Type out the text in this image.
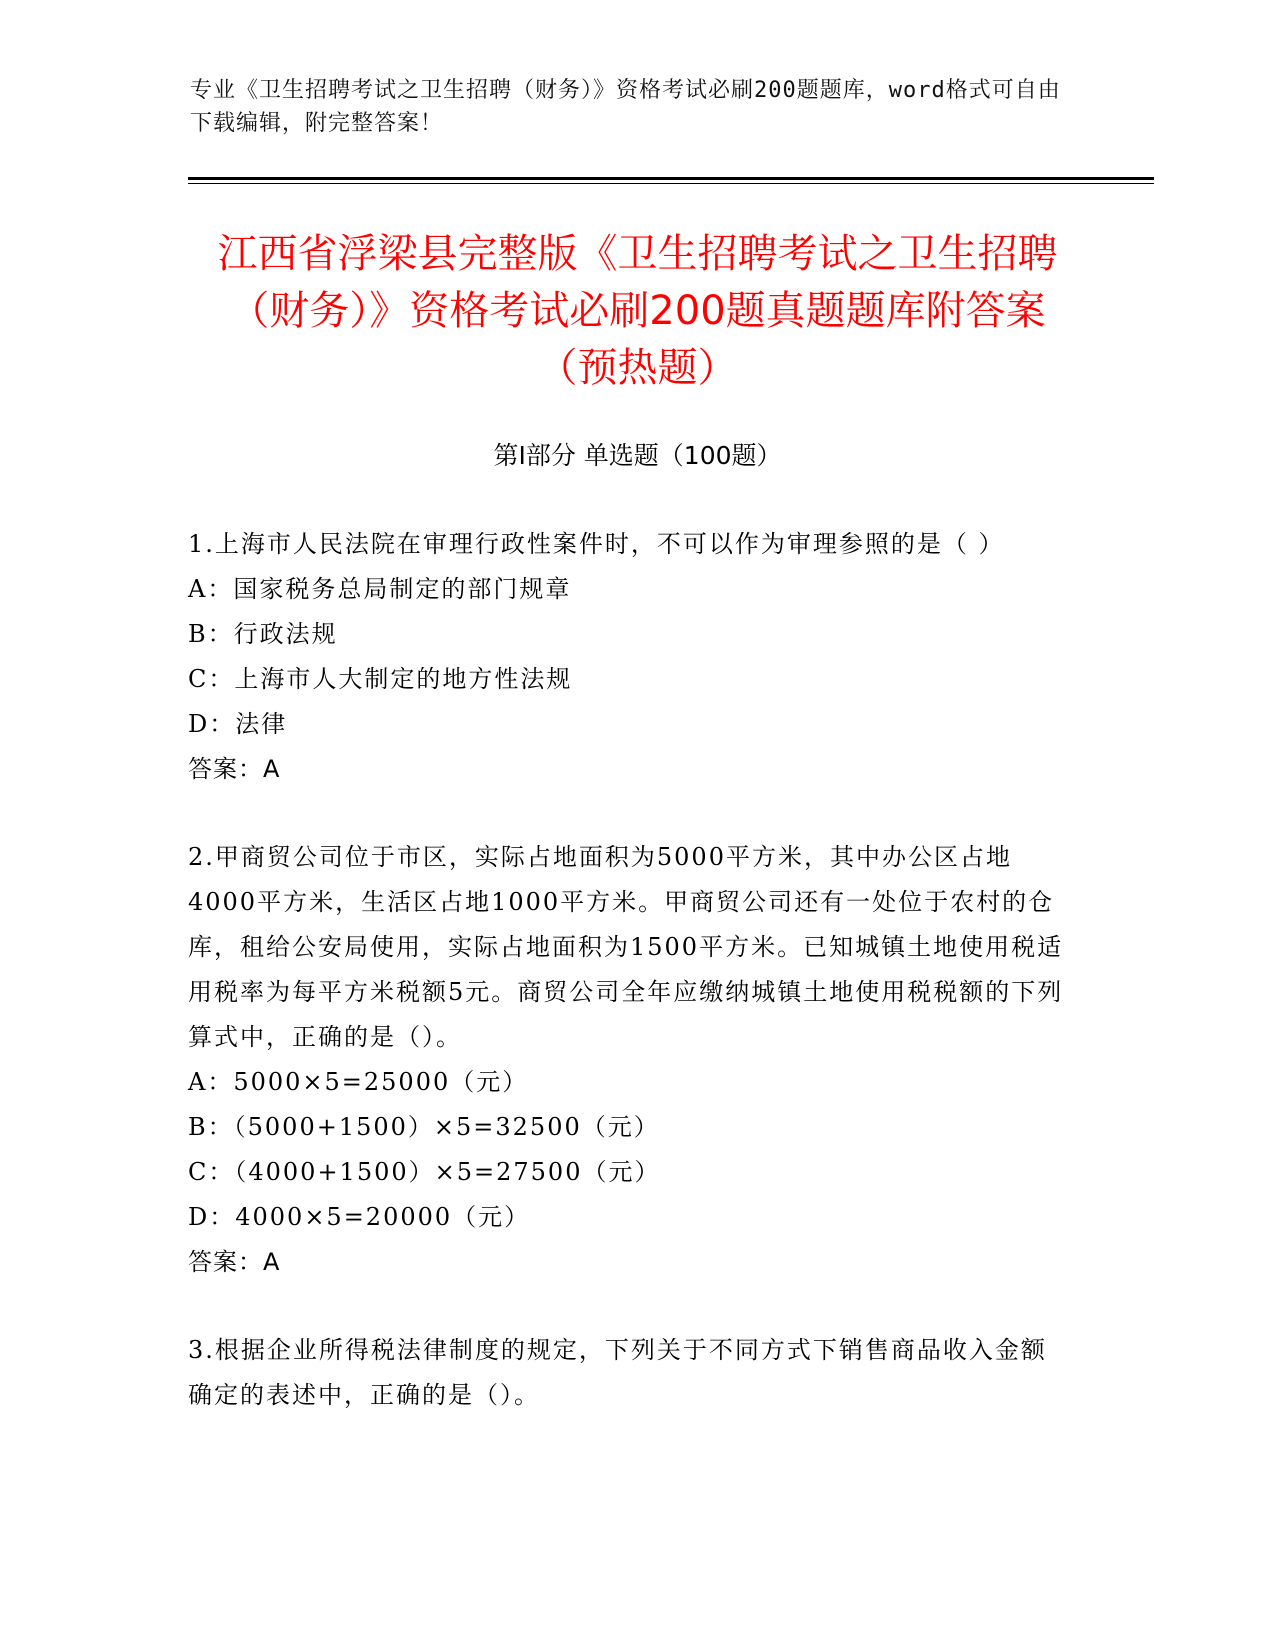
专业《卫生招聘考试之卫生招聘（财务）》资格考试必刷200题题库，word格式可自由下载编辑，附完整答案！
江西省浮梁县完整版《卫生招聘考试之卫生招聘（财务）》资格考试必刷200题真题题库附答案（预热题）
第Ⅰ部分 单选题（100题）

1.上海市人民法院在审理行政性案件时，不可以作为审理参照的是（ ）

A：国家税务总局制定的部门规章

B：行政法规

C：上海市人大制定的地方性法规

D：法律

答案：A

2.甲商贸公司位于市区，实际占地面积为5000平方米，其中办公区占地4000平方米，生活区占地1000平方米。甲商贸公司还有一处位于农村的仓库，租给公安局使用，实际占地面积为1500平方米。已知城镇土地使用税适用税率为每平方米税额5元。商贸公司全年应缴纳城镇土地使用税税额的下列算式中，正确的是（）。

A：5000×5=25000（元）

B：（5000+1500）×5=32500（元）

C：（4000+1500）×5=27500（元）

D：4000×5=20000（元）

答案：A

3.根据企业所得税法律制度的规定，下列关于不同方式下销售商品收入金额确定的表述中，正确的是（）。
